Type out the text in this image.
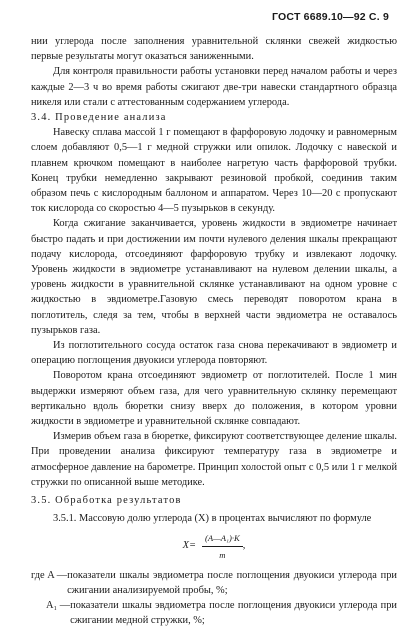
ГОСТ 6689.10—92 С. 9

нии углерода после заполнения уравнительной склянки свежей жидкостью первые результаты могут оказаться заниженными.

Для контроля правильности работы установки перед началом работы и через каждые 2—3 ч во время работы сжигают две-три навески стандартного образца никеля или стали с аттестованным содержанием углерода.

3.4. Проведение анализа

Навеску сплава массой 1 г помещают в фарфоровую лодочку и равномерным слоем добавляют 0,5—1 г медной стружки или опилок. Лодочку с навеской и плавнем крючком помещают в наиболее нагретую часть фарфоровой трубки. Конец трубки немедленно закрывают резиновой пробкой, соединив таким образом печь с кислородным баллоном и аппаратом. Через 10—20 с пропускают ток кислорода со скоростью 4—5 пузырьков в секунду.

Когда сжигание заканчивается, уровень жидкости в эвдиометре начинает быстро падать и при достижении им почти нулевого деления шкалы прекращают подачу кислорода, отсоединяют фарфоровую трубку и извлекают лодочку. Уровень жидкости в эвдиометре устанавливают на нулевом делении шкалы, а уровень жидкости в уравнительной склянке устанавливают на одном уровне с жидкостью в эвдиометре.Газовую смесь переводят поворотом крана в поглотитель, следя за тем, чтобы в верхней части эвдиометра не оставалось пузырьков газа.

Из поглотительного сосуда остаток газа снова перекачивают в эвдиометр и операцию поглощения двуокиси углерода повторяют.

Поворотом крана отсоединяют эвдиометр от поглотителей. После 1 мин выдержки измеряют объем газа, для чего уравнительную склянку перемещают вертикально вдоль бюретки снизу вверх до положения, в котором уровни жидкости в эвдиометре и уравнительной склянке совпадают.

Измерив объем газа в бюретке, фиксируют соответствующее деление шкалы. При проведении анализа фиксируют температуру газа в эвдиометре и атмосферное давление на барометре. Принцип холостой опыт с 0,5 или 1 г мелкой стружки по описанной выше методике.

3.5. Обработка результатов

3.5.1. Массовую долю углерода (X) в процентах вычисляют по формуле

$X= \frac{\text{(A—A₁)·K}}{m}$ ,
где A — показатели шкалы эвдиометра после поглощения двуокиси углерода при сжигании анализируемой пробы, %;
A₁ — показатели шкалы эвдиометра после поглощения двуокиси углерода при сжигании медной стружки, %;
